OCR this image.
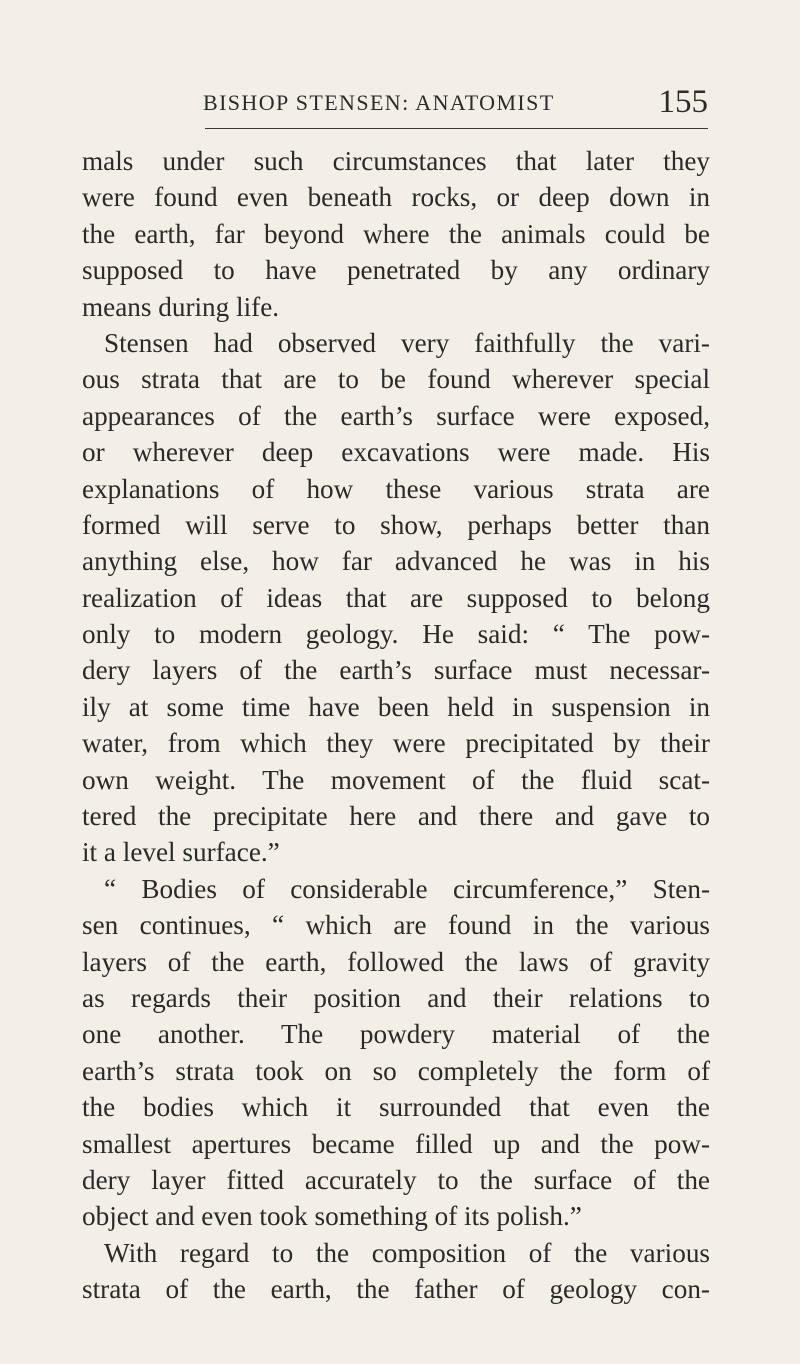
BISHOP STENSEN: ANATOMIST	155
mals under such circumstances that later they
were found even beneath rocks, or deep down in
the earth, far beyond where the animals could be
supposed to have penetrated by any ordinary
means during life.
Stensen had observed very faithfully the vari-
ous strata that are to be found wherever special
appearances of the earth’s surface were exposed,
or wherever deep excavations were made. His
explanations of how these various strata are
formed will serve to show, perhaps better than
anything else, how far advanced he was in his
realization of ideas that are supposed to belong
only to modern geology. He said: “ The pow-
dery layers of the earth’s surface must necessar-
ily at some time have been held in suspension in
water, from which they were precipitated by their
own weight. The movement of the fluid scat-
tered the precipitate here and there and gave to
it a level surface.”
“ Bodies of considerable circumference,” Sten-
sen continues, “ which are found in the various
layers of the earth, followed the laws of gravity
as regards their position and their relations to
one another. The powdery material of the
earth’s strata took on so completely the form of
the bodies which it surrounded that even the
smallest apertures became filled up and the pow-
dery layer fitted accurately to the surface of the
object and even took something of its polish.”
With regard to the composition of the various
strata of the earth, the father of geology con-
